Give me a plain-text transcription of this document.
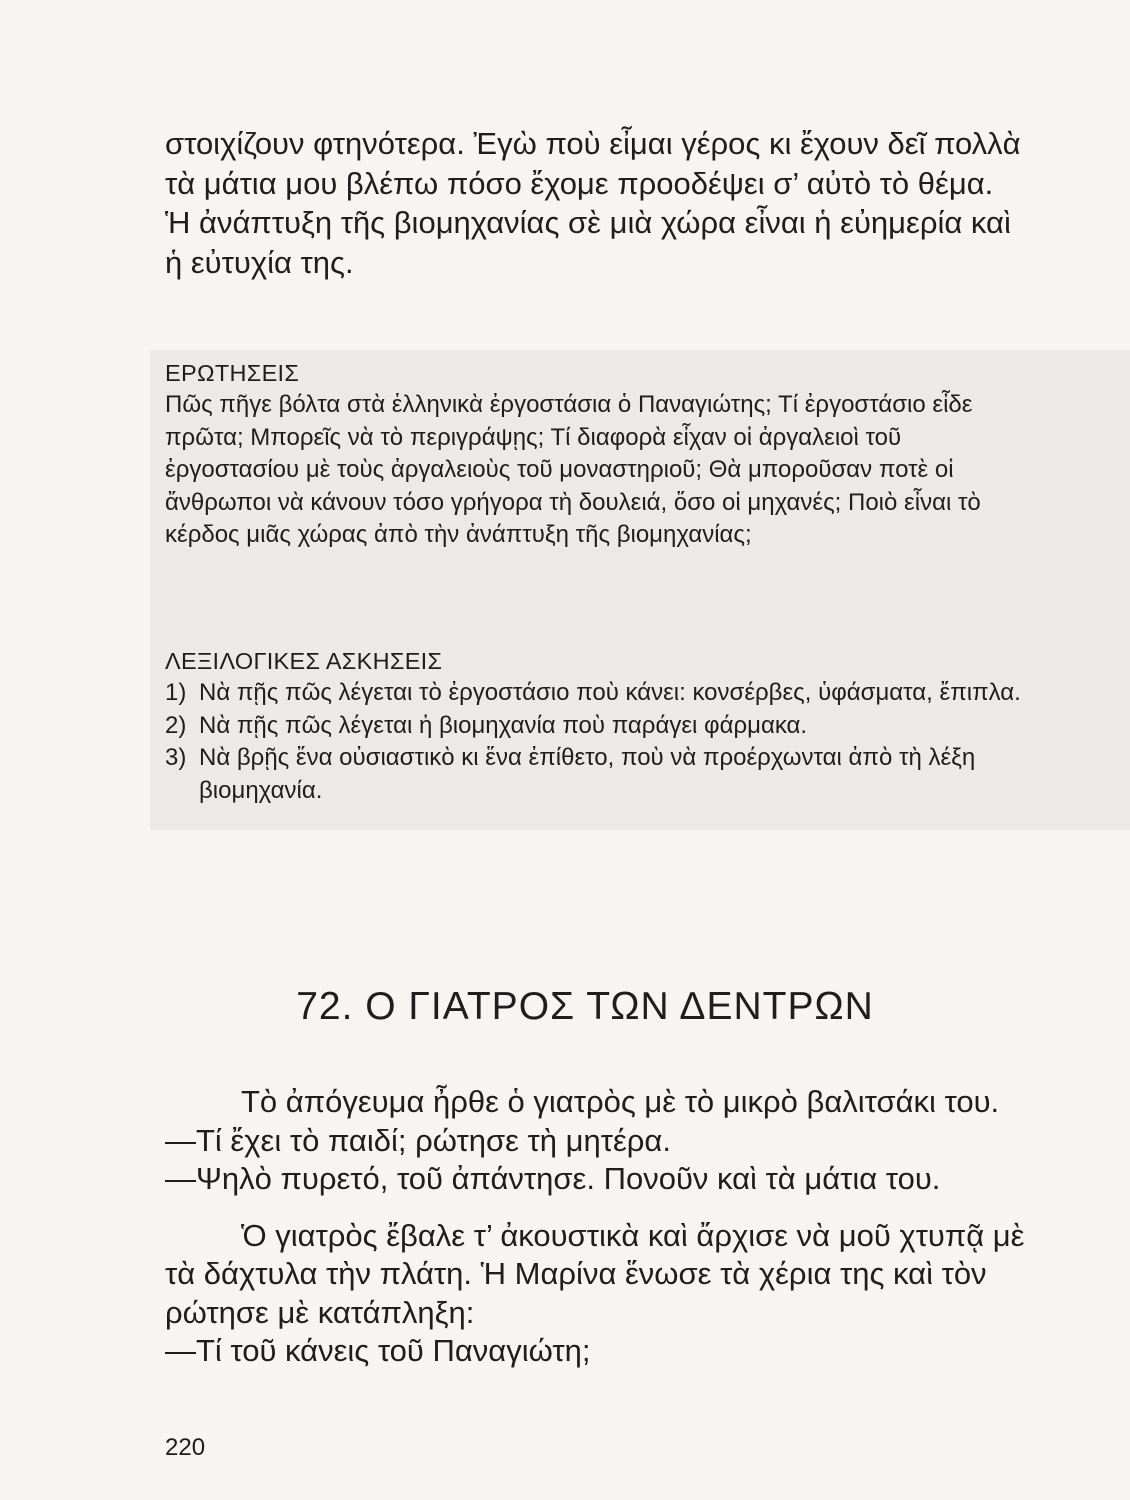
στοιχίζουν φτηνότερα. Ἐγὼ ποὺ εἶμαι γέρος κι ἔχουν δεῖ πολλὰ τὰ μάτια μου βλέπω πόσο ἔχομε προοδέψει σ’ αὐτὸ τὸ θέμα. Ἡ ἀνάπτυξη τῆς βιομηχανίας σὲ μιὰ χώρα εἶναι ἡ εὐημερία καὶ ἡ εὐτυχία της.

ΕΡΩΤΗΣΕΙΣ

Πῶς πῆγε βόλτα στὰ ἑλληνικὰ ἐργοστάσια ὁ Παναγιώτης; Τί ἐργοστάσιο εἶδε πρῶτα; Μπορεῖς νὰ τὸ περιγράψῃς; Τί διαφορὰ εἶχαν οἱ ἀργαλειοὶ τοῦ ἐργοστασίου μὲ τοὺς ἀργαλειοὺς τοῦ μοναστηριοῦ; Θὰ μποροῦσαν ποτὲ οἱ ἄνθρωποι νὰ κάνουν τόσο γρήγορα τὴ δουλειά, ὅσο οἱ μηχανές; Ποιὸ εἶναι τὸ κέρδος μιᾶς χώρας ἀπὸ τὴν ἀνάπτυξη τῆς βιομηχανίας;

ΛΕΞΙΛΟΓΙΚΕΣ ΑΣΚΗΣΕΙΣ

1) Νὰ πῇς πῶς λέγεται τὸ ἐργοστάσιο ποὺ κάνει: κονσέρβες, ὑφάσματα, ἔπιπλα.
2) Νὰ πῇς πῶς λέγεται ἡ βιομηχανία ποὺ παράγει φάρμακα.
3) Νὰ βρῇς ἕνα οὐσιαστικὸ κι ἕνα ἐπίθετο, ποὺ νὰ προέρχωνται ἀπὸ τὴ λέξη βιομηχανία.
72. Ο ΓΙΑΤΡΟΣ ΤΩΝ ΔΕΝΤΡΩΝ

Τὸ ἀπόγευμα ἦρθε ὁ γιατρὸς μὲ τὸ μικρὸ βαλιτσάκι του.

—Τί ἔχει τὸ παιδί; ρώτησε τὴ μητέρα.

—Ψηλὸ πυρετό, τοῦ ἀπάντησε. Πονοῦν καὶ τὰ μάτια του.

Ὁ γιατρὸς ἔβαλε τ’ ἀκουστικὰ καὶ ἄρχισε νὰ μοῦ χτυπᾷ μὲ τὰ δάχτυλα τὴν πλάτη. Ἡ Μαρίνα ἕνωσε τὰ χέρια της καὶ τὸν ρώτησε μὲ κατάπληξη:

—Τί τοῦ κάνεις τοῦ Παναγιώτη;

220
